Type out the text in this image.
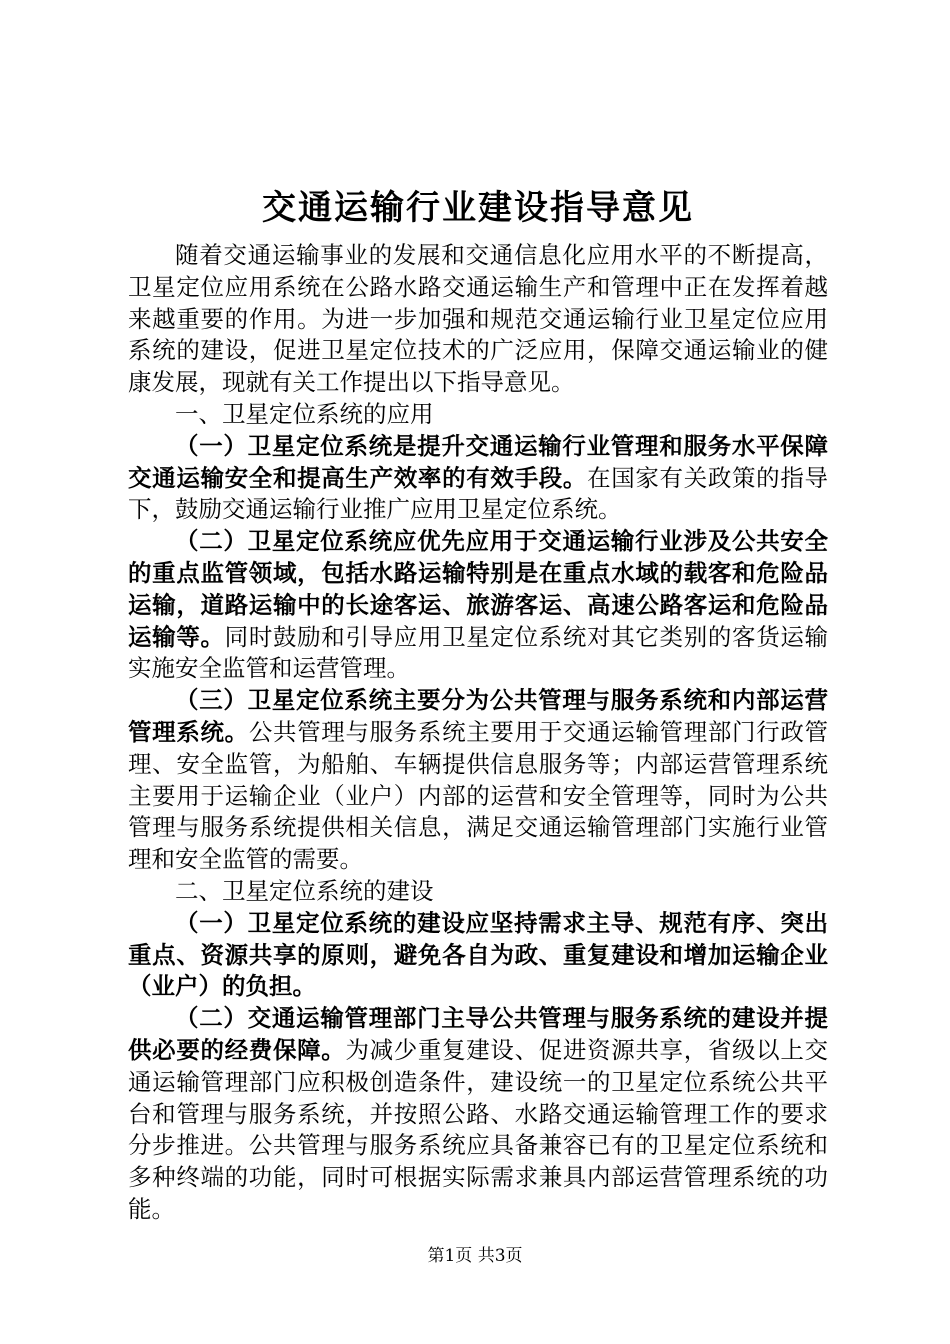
交通运输行业建设指导意见

随着交通运输事业的发展和交通信息化应用水平的不断提高，卫星定位应用系统在公路水路交通运输生产和管理中正在发挥着越来越重要的作用。为进一步加强和规范交通运输行业卫星定位应用系统的建设，促进卫星定位技术的广泛应用，保障交通运输业的健康发展，现就有关工作提出以下指导意见。

一、卫星定位系统的应用

（一）卫星定位系统是提升交通运输行业管理和服务水平保障交通运输安全和提高生产效率的有效手段。在国家有关政策的指导下，鼓励交通运输行业推广应用卫星定位系统。

（二）卫星定位系统应优先应用于交通运输行业涉及公共安全的重点监管领域，包括水路运输特别是在重点水域的载客和危险品运输，道路运输中的长途客运、旅游客运、高速公路客运和危险品运输等。同时鼓励和引导应用卫星定位系统对其它类别的客货运输实施安全监管和运营管理。

（三）卫星定位系统主要分为公共管理与服务系统和内部运营管理系统。公共管理与服务系统主要用于交通运输管理部门行政管理、安全监管，为船舶、车辆提供信息服务等；内部运营管理系统主要用于运输企业（业户）内部的运营和安全管理等，同时为公共管理与服务系统提供相关信息，满足交通运输管理部门实施行业管理和安全监管的需要。

二、卫星定位系统的建设

（一）卫星定位系统的建设应坚持需求主导、规范有序、突出重点、资源共享的原则，避免各自为政、重复建设和增加运输企业（业户）的负担。

（二）交通运输管理部门主导公共管理与服务系统的建设并提供必要的经费保障。为减少重复建设、促进资源共享，省级以上交通运输管理部门应积极创造条件，建设统一的卫星定位系统公共平台和管理与服务系统，并按照公路、水路交通运输管理工作的要求分步推进。公共管理与服务系统应具备兼容已有的卫星定位系统和多种终端的功能，同时可根据实际需求兼具内部运营管理系统的功能。

第1页 共3页
